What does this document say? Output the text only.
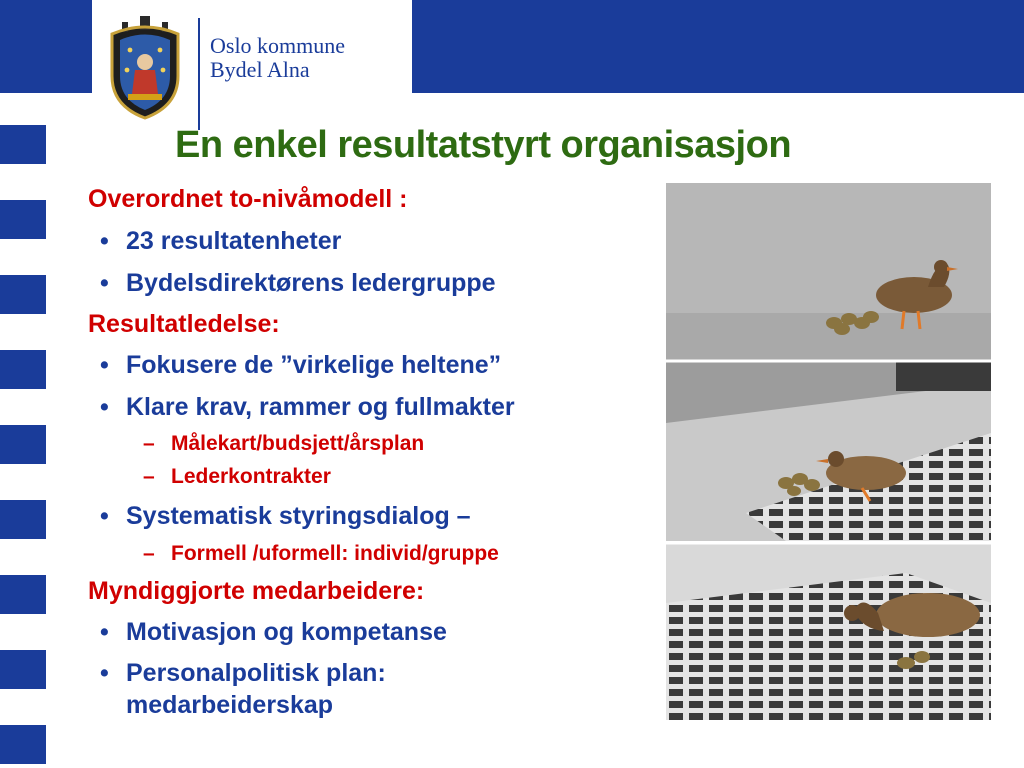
Oslo kommune
Bydel Alna
En enkel resultatstyrt organisasjon
Overordnet to-nivåmodell :
• 23 resultatenheter
• Bydelsdirektørens ledergruppe
Resultatledelse:
• Fokusere de ”virkelige heltene”
• Klare krav, rammer og fullmakter
– Målekart/budsjett/årsplan
– Lederkontrakter
• Systematisk styringsdialog –
– Formell /uformell: individ/gruppe
Myndiggjorte medarbeidere:
• Motivasjon og kompetanse
• Personalpolitisk plan:
medarbeiderskap
